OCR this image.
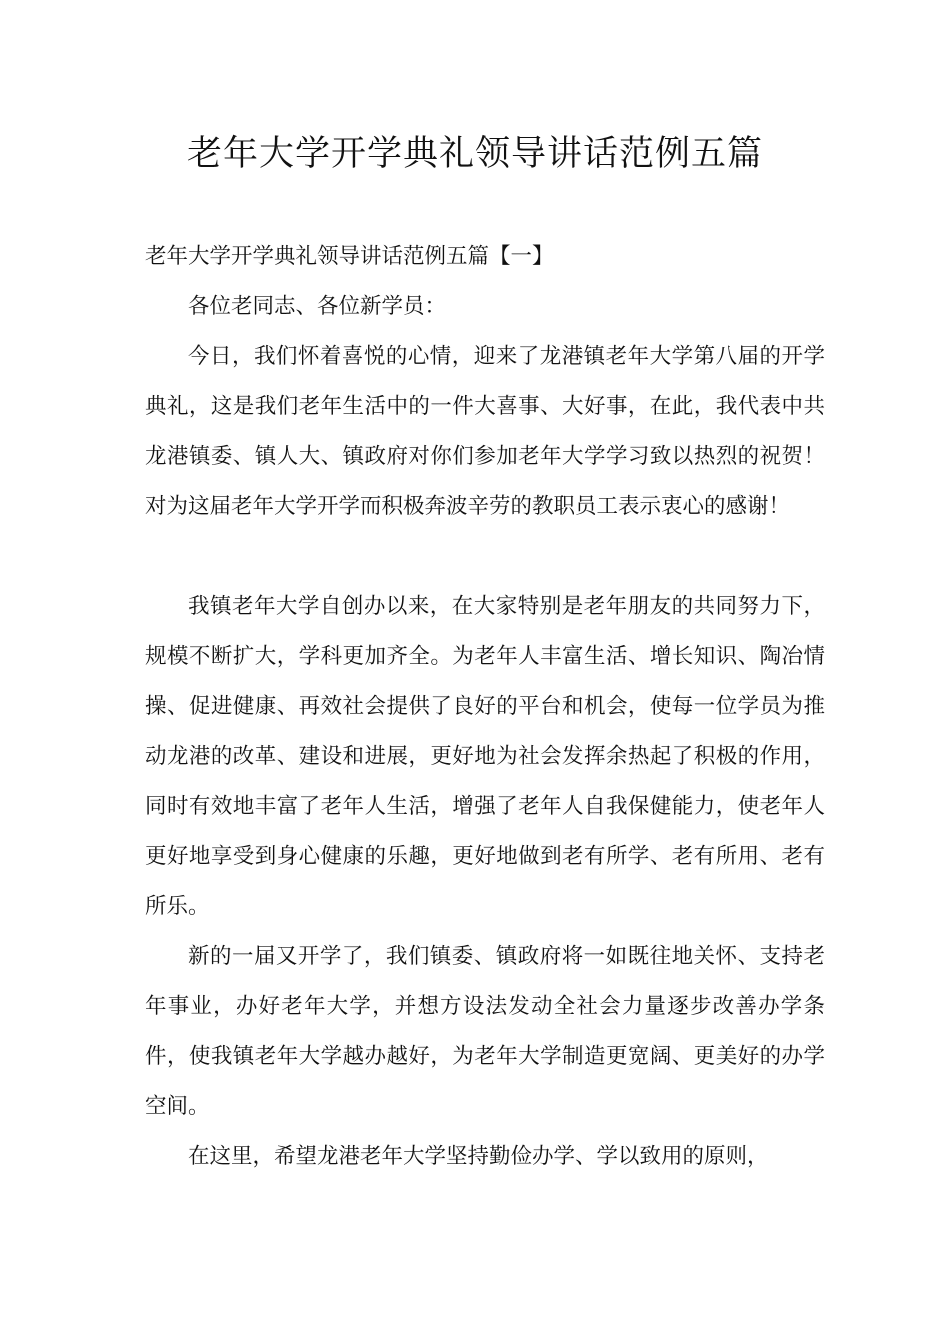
老年大学开学典礼领导讲话范例五篇

老年大学开学典礼领导讲话范例五篇【一】

各位老同志、各位新学员：

今日，我们怀着喜悦的心情，迎来了龙港镇老年大学第八届的开学典礼，这是我们老年生活中的一件大喜事、大好事，在此，我代表中共龙港镇委、镇人大、镇政府对你们参加老年大学学习致以热烈的祝贺！对为这届老年大学开学而积极奔波辛劳的教职员工表示衷心的感谢！

我镇老年大学自创办以来，在大家特别是老年朋友的共同努力下，规模不断扩大，学科更加齐全。为老年人丰富生活、增长知识、陶冶情操、促进健康、再效社会提供了良好的平台和机会，使每一位学员为推动龙港的改革、建设和进展，更好地为社会发挥余热起了积极的作用，同时有效地丰富了老年人生活，增强了老年人自我保健能力，使老年人更好地享受到身心健康的乐趣，更好地做到老有所学、老有所用、老有所乐。

新的一届又开学了，我们镇委、镇政府将一如既往地关怀、支持老年事业，办好老年大学，并想方设法发动全社会力量逐步改善办学条件，使我镇老年大学越办越好，为老年大学制造更宽阔、更美好的办学空间。

在这里，希望龙港老年大学坚持勤俭办学、学以致用的原则，
